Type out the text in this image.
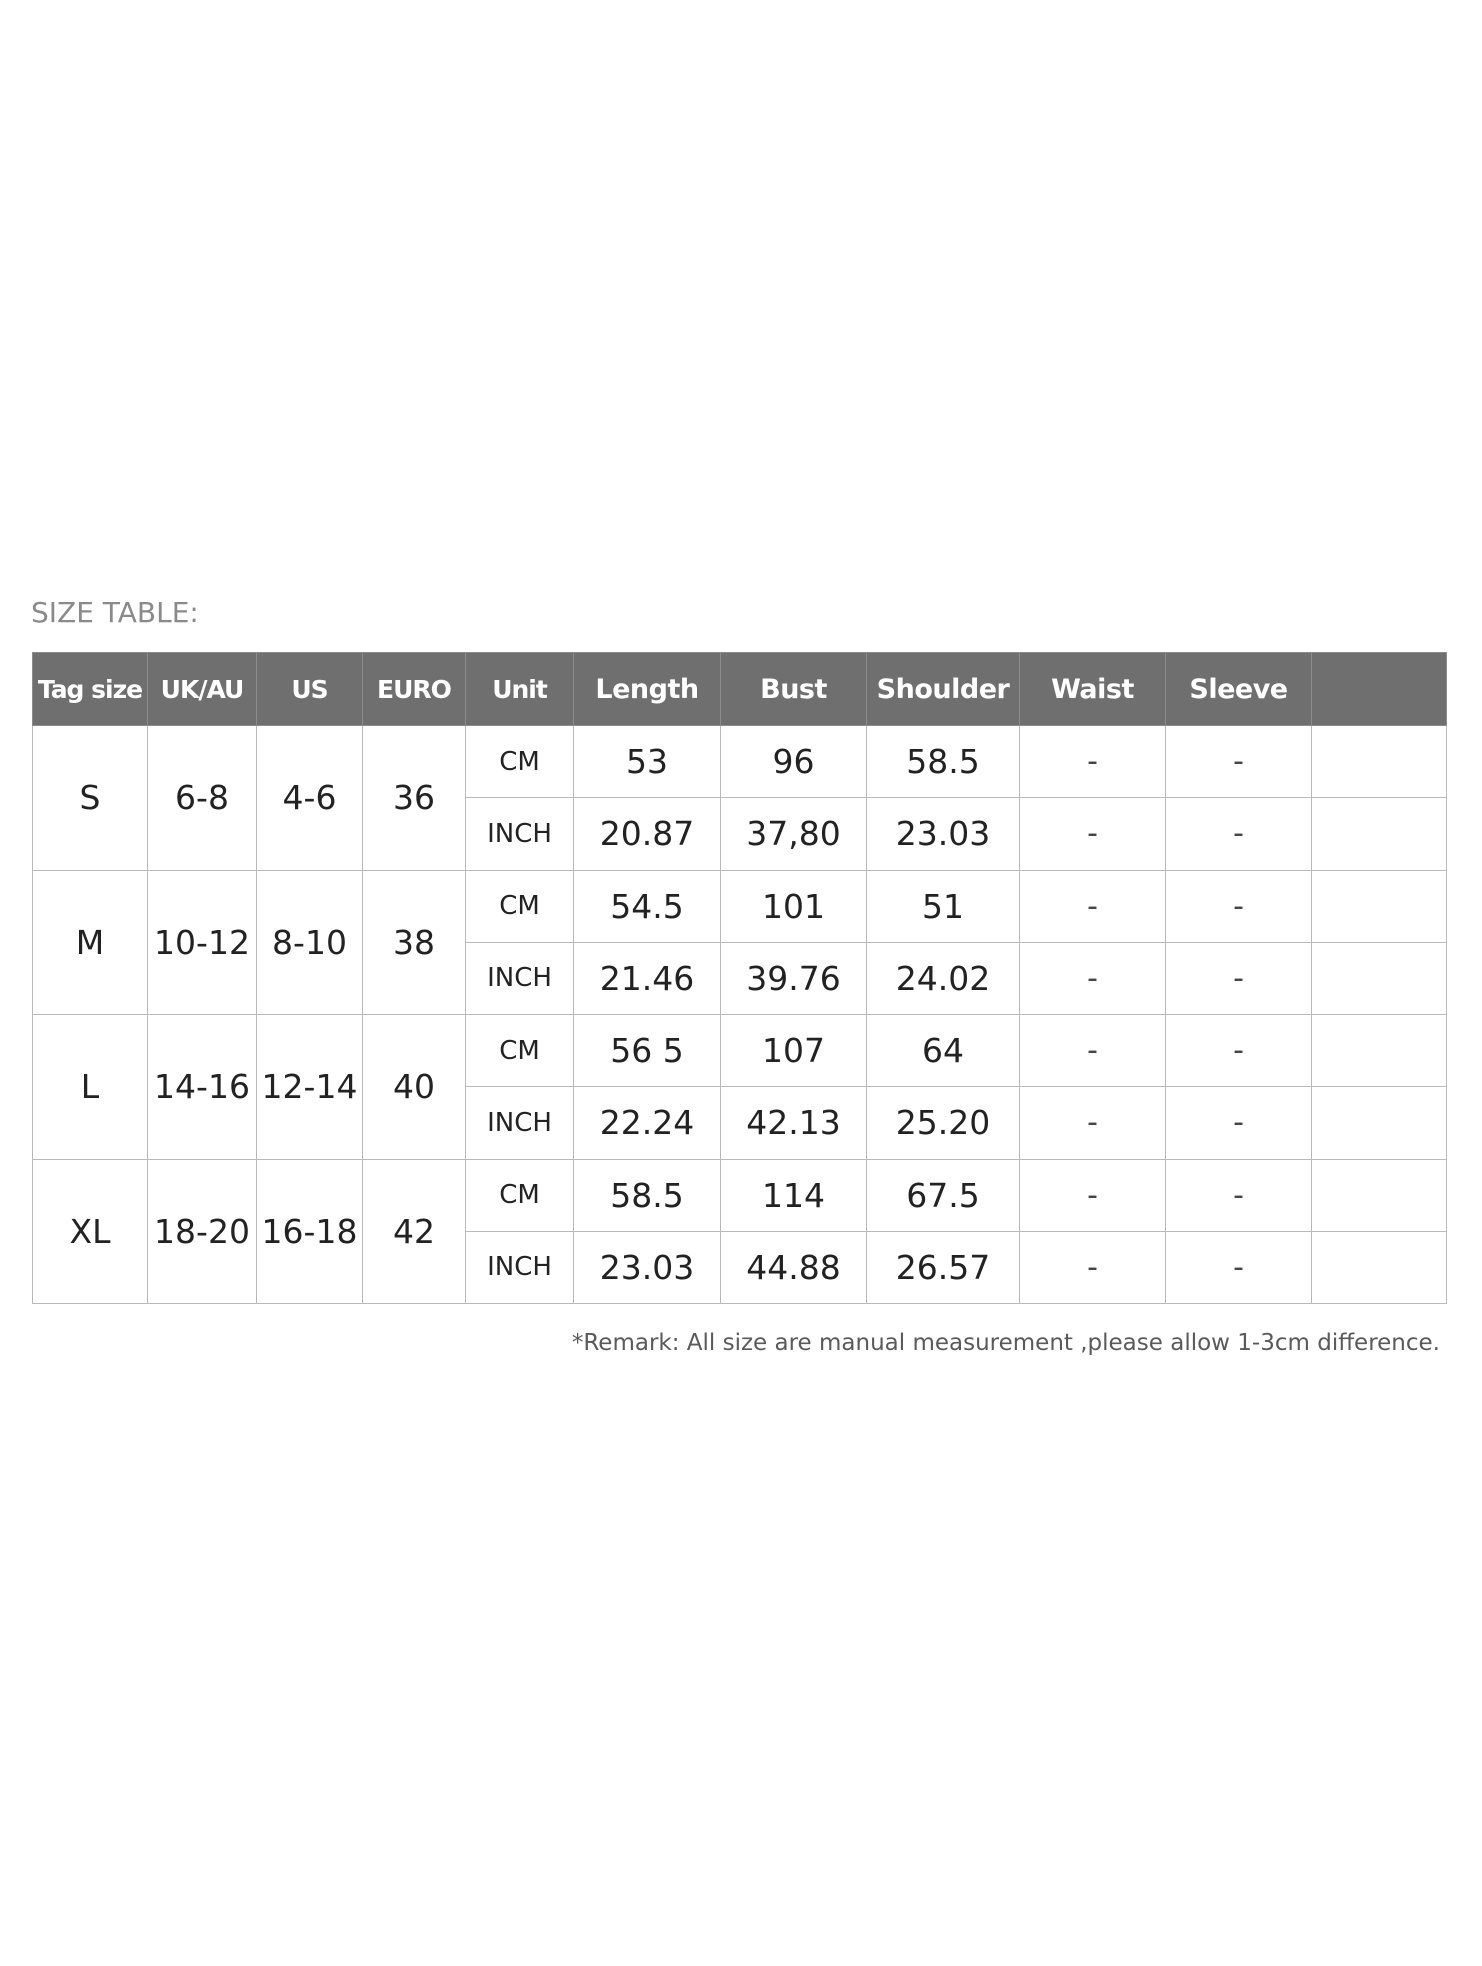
SIZE TABLE:
Tag size	UK/AU	US	EURO	Unit	Length	Bust	Shoulder	Waist	Sleeve	
S	6-8	4-6	36	CM	53	96	58.5	-	-	
				INCH	20.87	37,80	23.03	-	-	
M	10-12	8-10	38	CM	54.5	101	51	-	-	
				INCH	21.46	39.76	24.02	-	-	
L	14-16	12-14	40	CM	56 5	107	64	-	-	
				INCH	22.24	42.13	25.20	-	-	
XL	18-20	16-18	42	CM	58.5	114	67.5	-	-	
				INCH	23.03	44.88	26.57	-	-	
*Remark: All size are manual measurement ,please allow 1-3cm difference.
